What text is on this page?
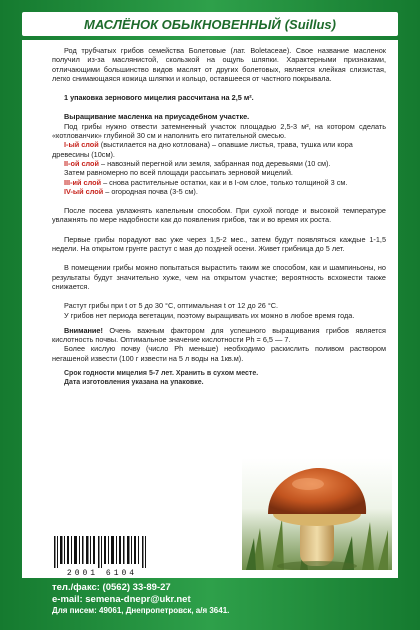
МАСЛЁНОК ОБЫКНОВЕННЫЙ (Suillus)

Род трубчатых грибов семейства Болетовые (лат. Boletaceae). Свое название масленок получил из-за маслянистой, скользкой на ощупь шляпки. Характерными признаками, отличающими большинство видов маслят от других болетовых, является клейкая слизистая, легко снимающаяся кожица шляпки и кольцо, оставшееся от частного покрывала.

1 упаковка зернового мицелия рассчитана на 2,5 м².

Выращивание масленка на приусадебном участке.

Под грибы нужно отвести затемненный участок площадью 2,5-3 м², на котором сделать «котлованчик» глубиной 30 см и наполнить его питательной смесью.

I-ый слой (выстилается на дно котлована) – опавшие листья, трава, тушка или кора древесины (10см).

II-ой слой – навозный перегной или земля, забранная под деревьями (10 см).

Затем равномерно по всей площади рассыпать зерновой мицелий.

III-ий слой – снова растительные остатки, как и в I-ом слое, только толщиной 3 см.

IV-ый слой – огородная почва (3-5 см).

После посева увлажнять капельным способом. При сухой погоде и высокой температуре увлажнять по мере надобности как до появления грибов, так и во время их роста.

Первые грибы порадуют вас уже через 1,5-2 мес., затем будут появляться каждые 1-1,5 недели. На открытом грунте растут с мая до поздней осени. Живет грибница до 5 лет.

В помещении грибы можно попытаться вырастить таким же способом, как и шампиньоны, но результаты будут значительно хуже, чем на открытом участке; вероятность всхожести также снижается.

Растут грибы при t от 5 до 30 °С, оптимальная t от 12 до 26 °С.

У грибов нет периода вегетации, поэтому выращивать их можно в любое время года.

Внимание! Очень важным фактором для успешного выращивания грибов является кислотность почвы. Оптимальное значение кислотности Ph = 6,5 — 7.

Более кислую почву (число Ph меньше) необходимо раскислить поливом раствором негашеной извести (100 г извести на 5 л воды на 1кв.м).

Срок годности мицелия 5-7 лет. Хранить в сухом месте.

Дата изготовления указана на упаковке.

2001 6104
тел./факс: (0562) 33-89-27
e-mail: semena-dnepr@ukr.net
Для писем: 49061, Днепропетровск, а/я 3641.
